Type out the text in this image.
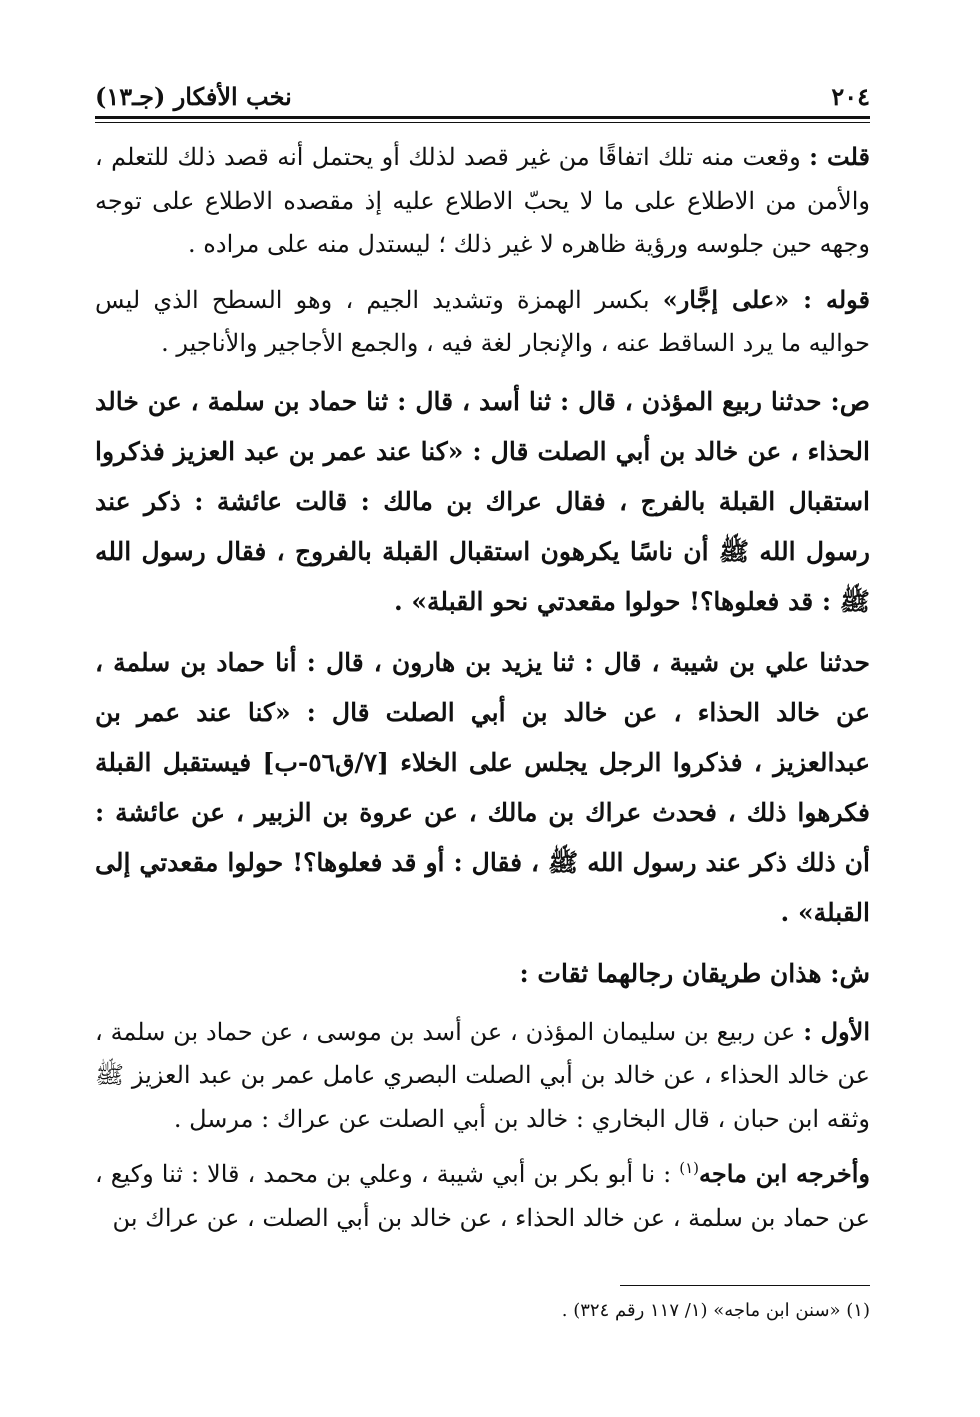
٢٠٤
نخب الأفكار (جـ١٣)

قلت : وقعت منه تلك اتفاقًا من غير قصد لذلك أو يحتمل أنه قصد ذلك للتعلم ، والأمن من الاطلاع على ما لا يحبّ الاطلاع عليه إذ مقصده الاطلاع على توجه وجهه حين جلوسه ورؤية ظاهره لا غير ذلك ؛ ليستدل منه على مراده .

قوله : «على إجَّار» بكسر الهمزة وتشديد الجيم ، وهو السطح الذي ليس حواليه ما يرد الساقط عنه ، والإنجار لغة فيه ، والجمع الأجاجير والأناجير .

ص: حدثنا ربيع المؤذن ، قال : ثنا أسد ، قال : ثنا حماد بن سلمة ، عن خالد الحذاء ، عن خالد بن أبي الصلت قال : «كنا عند عمر بن عبد العزيز فذكروا استقبال القبلة بالفرج ، فقال عراك بن مالك : قالت عائشة : ذكر عند رسول الله ﷺ أن ناسًا يكرهون استقبال القبلة بالفروج ، فقال رسول الله ﷺ : قد فعلوها؟! حولوا مقعدتي نحو القبلة» .

حدثنا علي بن شيبة ، قال : ثنا يزيد بن هارون ، قال : أنا حماد بن سلمة ، عن خالد الحذاء ، عن خالد بن أبي الصلت قال : «كنا عند عمر بن عبدالعزيز ، فذكروا الرجل يجلس على الخلاء [٧/ق٥٦-ب] فيستقبل القبلة فكرهوا ذلك ، فحدث عراك بن مالك ، عن عروة بن الزبير ، عن عائشة : أن ذلك ذكر عند رسول الله ﷺ ، فقال : أو قد فعلوها؟! حولوا مقعدتي إلى القبلة» .

ش: هذان طريقان رجالهما ثقات :

الأول : عن ربيع بن سليمان المؤذن ، عن أسد بن موسى ، عن حماد بن سلمة ، عن خالد الحذاء ، عن خالد بن أبي الصلت البصري عامل عمر بن عبد العزيز ﷺ وثقه ابن حبان ، قال البخاري : خالد بن أبي الصلت عن عراك : مرسل .

وأخرجه ابن ماجه$^{(١)}$ : نا أبو بكر بن أبي شيبة ، وعلي بن محمد ، قالا : ثنا وكيع ، عن حماد بن سلمة ، عن خالد الحذاء ، عن خالد بن أبي الصلت ، عن عراك بن

(١) «سنن ابن ماجه» (١/ ١١٧ رقم ٣٢٤) .
